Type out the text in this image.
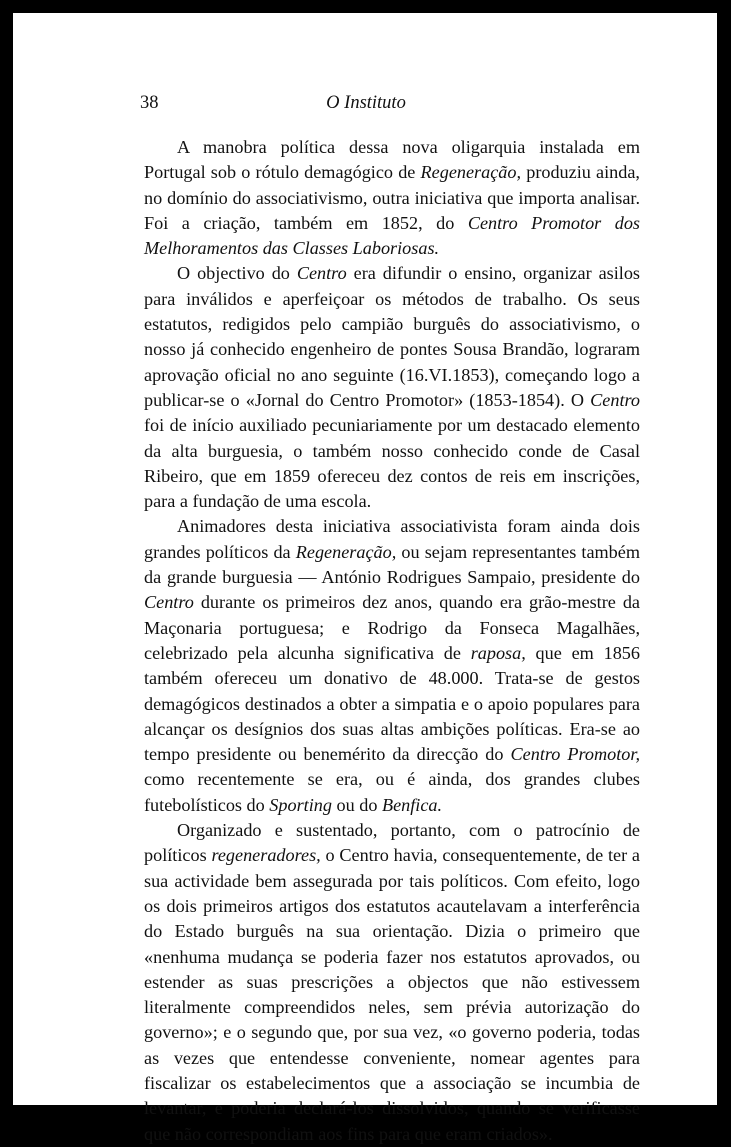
38	O Instituto

A manobra política dessa nova oligarquia instalada em Portugal sob o rótulo demagógico de Regeneração, produziu ainda, no domínio do associativismo, outra iniciativa que importa analisar. Foi a criação, também em 1852, do Centro Promotor dos Melhoramentos das Classes Laboriosas.

O objectivo do Centro era difundir o ensino, organizar asilos para inválidos e aperfeiçoar os métodos de trabalho. Os seus estatutos, redigidos pelo campião burguês do associativismo, o nosso já conhecido engenheiro de pontes Sousa Brandão, lograram aprovação oficial no ano seguinte (16.VI.1853), começando logo a publicar-se o «Jornal do Centro Promotor» (1853-1854). O Centro foi de início auxiliado pecuniariamente por um destacado elemento da alta burguesia, o também nosso conhecido conde de Casal Ribeiro, que em 1859 ofereceu dez contos de reis em inscrições, para a fundação de uma escola.

Animadores desta iniciativa associativista foram ainda dois grandes políticos da Regeneração, ou sejam representantes também da grande burguesia — António Rodrigues Sampaio, presidente do Centro durante os primeiros dez anos, quando era grão-mestre da Maçonaria portuguesa; e Rodrigo da Fonseca Magalhães, celebrizado pela alcunha significativa de raposa, que em 1856 também ofereceu um donativo de 48.000. Trata-se de gestos demagógicos destinados a obter a simpatia e o apoio populares para alcançar os desígnios dos suas altas ambições políticas. Era-se ao tempo presidente ou benemérito da direcção do Centro Promotor, como recentemente se era, ou é ainda, dos grandes clubes futebolísticos do Sporting ou do Benfica.

Organizado e sustentado, portanto, com o patrocínio de políticos regeneradores, o Centro havia, consequentemente, de ter a sua actividade bem assegurada por tais políticos. Com efeito, logo os dois primeiros artigos dos estatutos acautelavam a interferência do Estado burguês na sua orientação. Dizia o primeiro que «nenhuma mudança se poderia fazer nos estatutos aprovados, ou estender as suas prescrições a objectos que não estivessem literalmente compreendidos neles, sem prévia autorização do governo»; e o segundo que, por sua vez, «o governo poderia, todas as vezes que entendesse conveniente, nomear agentes para fiscalizar os estabelecimentos que a associação se incumbia de levantar, e poderia declará-los dissolvidos, quando se verificasse que não correspondiam aos fins para que eram criados».
